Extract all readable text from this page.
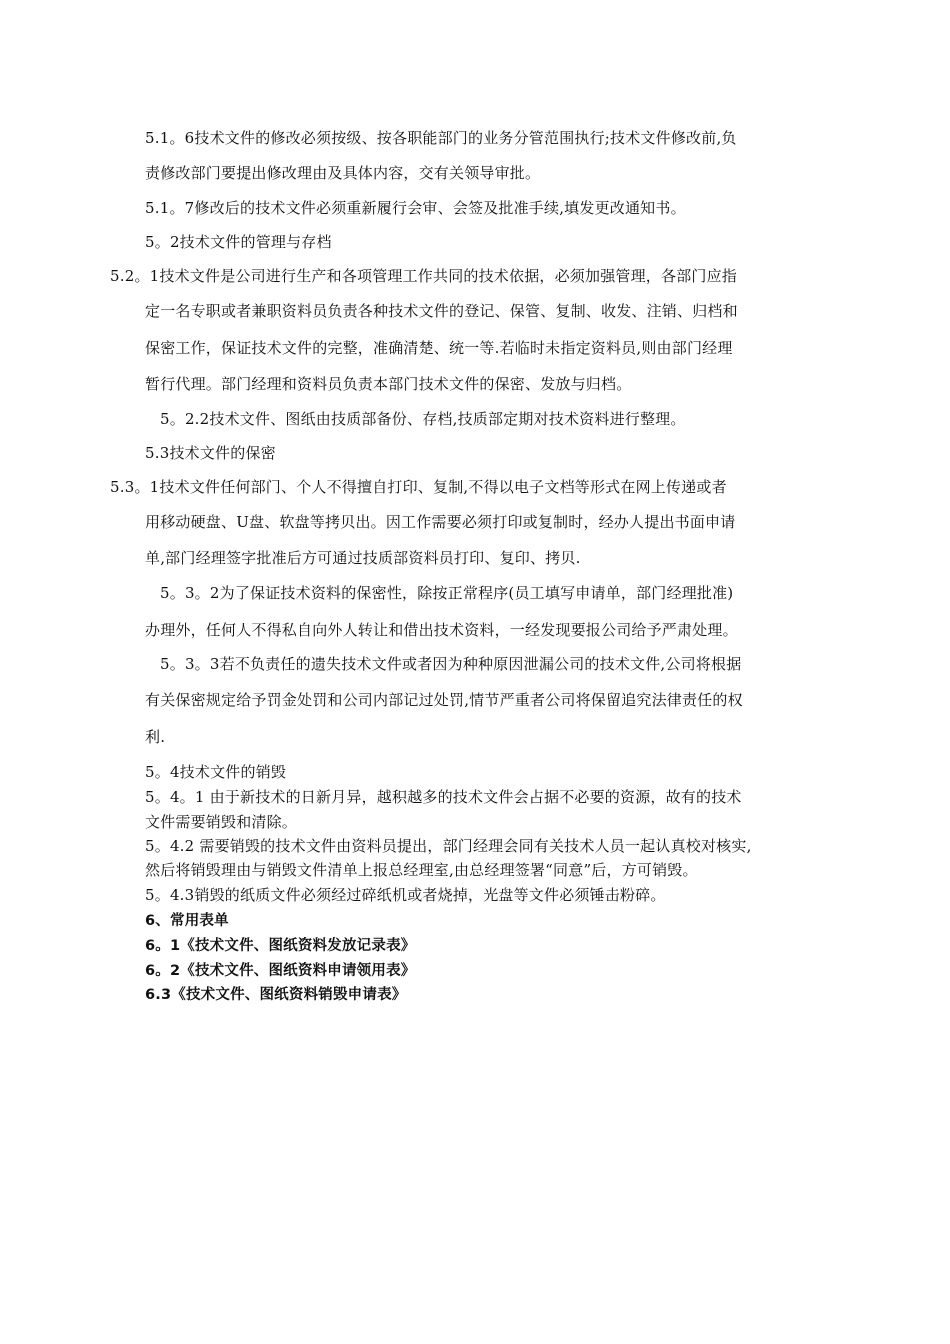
5.1。6技术文件的修改必须按级、按各职能部门的业务分管范围执行;技术文件修改前,负
责修改部门要提出修改理由及具体内容，交有关领导审批。
5.1。7修改后的技术文件必须重新履行会审、会签及批准手续,填发更改通知书。
5。2技术文件的管理与存档
5.2。1技术文件是公司进行生产和各项管理工作共同的技术依据，必须加强管理，各部门应指
定一名专职或者兼职资料员负责各种技术文件的登记、保管、复制、收发、注销、归档和
保密工作，保证技术文件的完整，准确清楚、统一等.若临时未指定资料员,则由部门经理
暂行代理。部门经理和资料员负责本部门技术文件的保密、发放与归档。
5。2.2技术文件、图纸由技质部备份、存档,技质部定期对技术资料进行整理。
5.3技术文件的保密
5.3。1技术文件任何部门、个人不得擅自打印、复制,不得以电子文档等形式在网上传递或者
用移动硬盘、U盘、软盘等拷贝出。因工作需要必须打印或复制时，经办人提出书面申请
单,部门经理签字批准后方可通过技质部资料员打印、复印、拷贝.
5。3。2为了保证技术资料的保密性，除按正常程序(员工填写申请单，部门经理批准)
办理外，任何人不得私自向外人转让和借出技术资料，一经发现要报公司给予严肃处理。
5。3。3若不负责任的遗失技术文件或者因为种种原因泄漏公司的技术文件,公司将根据
有关保密规定给予罚金处罚和公司内部记过处罚,情节严重者公司将保留追究法律责任的权
利.
5。4技术文件的销毁
5。4。1 由于新技术的日新月异，越积越多的技术文件会占据不必要的资源，故有的技术
文件需要销毁和清除。
5。4.2 需要销毁的技术文件由资料员提出，部门经理会同有关技术人员一起认真校对核实,
然后将销毁理由与销毁文件清单上报总经理室,由总经理签署“同意”后，方可销毁。
5。4.3销毁的纸质文件必须经过碎纸机或者烧掉，光盘等文件必须锤击粉碎。
6、常用表单
6。1《技术文件、图纸资料发放记录表》
6。2《技术文件、图纸资料申请领用表》
6.3《技术文件、图纸资料销毁申请表》
